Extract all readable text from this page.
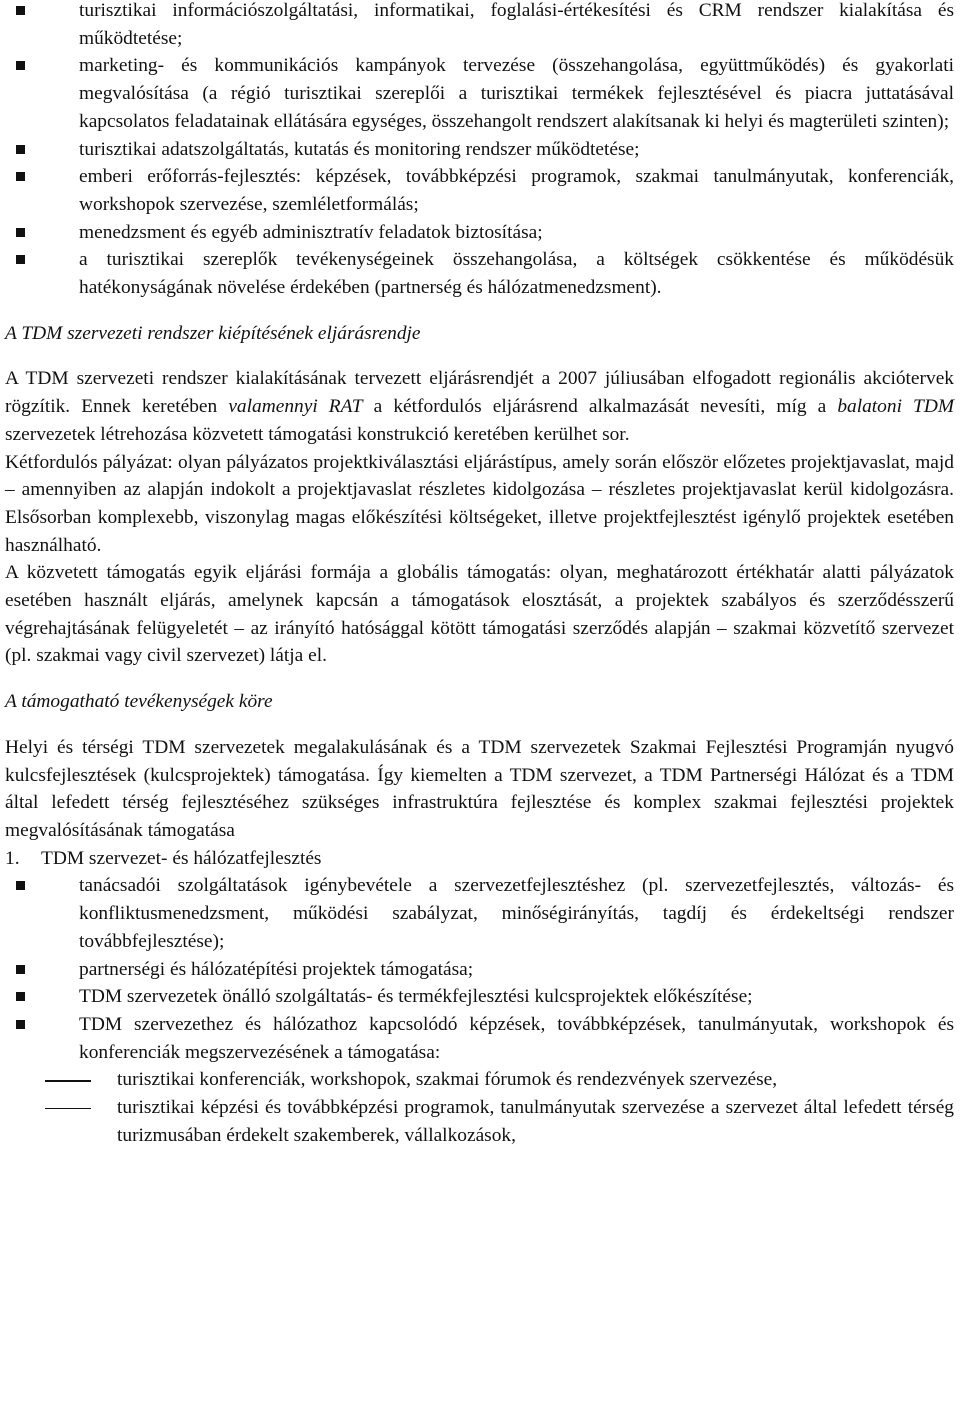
turisztikai információszolgáltatási, informatikai, foglalási-értékesítési és CRM rendszer kialakítása és működtetése;
marketing- és kommunikációs kampányok tervezése (összehangolása, együttműködés) és gyakorlati megvalósítása (a régió turisztikai szereplői a turisztikai termékek fejlesztésével és piacra juttatásával kapcsolatos feladatainak ellátására egységes, összehangolt rendszert alakítsanak ki helyi és magterületi szinten);
turisztikai adatszolgáltatás, kutatás és monitoring rendszer működtetése;
emberi erőforrás-fejlesztés: képzések, továbbképzési programok, szakmai tanulmányutak, konferenciák, workshopok szervezése, szemléletformálás;
menedzsment és egyéb adminisztratív feladatok biztosítása;
a turisztikai szereplők tevékenységeinek összehangolása, a költségek csökkentése és működésük hatékonyságának növelése érdekében (partnerség és hálózatmenedzsment).

A TDM szervezeti rendszer kiépítésének eljárásrendje

A TDM szervezeti rendszer kialakításának tervezett eljárásrendjét a 2007 júliusában elfogadott regionális akciótervek rögzítik. Ennek keretében valamennyi RAT a kétfordulós eljárásrend alkalmazását nevesíti, míg a balatoni TDM szervezetek létrehozása közvetett támogatási konstrukció keretében kerülhet sor.

Kétfordulós pályázat: olyan pályázatos projektkiválasztási eljárástípus, amely során először előzetes projektjavaslat, majd – amennyiben az alapján indokolt a projektjavaslat részletes kidolgozása – részletes projektjavaslat kerül kidolgozásra. Elsősorban komplexebb, viszonylag magas előkészítési költségeket, illetve projektfejlesztést igénylő projektek esetében használható.

A közvetett támogatás egyik eljárási formája a globális támogatás: olyan, meghatározott értékhatár alatti pályázatok esetében használt eljárás, amelynek kapcsán a támogatások elosztását, a projektek szabályos és szerződésszerű végrehajtásának felügyeletét – az irányító hatósággal kötött támogatási szerződés alapján – szakmai közvetítő szervezet (pl. szakmai vagy civil szervezet) látja el.

A támogatható tevékenységek köre

Helyi és térségi TDM szervezetek megalakulásának és a TDM szervezetek Szakmai Fejlesztési Programján nyugvó kulcsfejlesztések (kulcsprojektek) támogatása. Így kiemelten a TDM szervezet, a TDM Partnerségi Hálózat és a TDM által lefedett térség fejlesztéséhez szükséges infrastruktúra fejlesztése és komplex szakmai fejlesztési projektek megvalósításának támogatása

1. TDM szervezet- és hálózatfejlesztés

tanácsadói szolgáltatások igénybevétele a szervezetfejlesztéshez (pl. szervezetfejlesztés, változás- és konfliktusmenedzsment, működési szabályzat, minőségirányítás, tagdíj és érdekeltségi rendszer továbbfejlesztése);
partnerségi és hálózatépítési projektek támogatása;
TDM szervezetek önálló szolgáltatás- és termékfejlesztési kulcsprojektek előkészítése;
TDM szervezethez és hálózathoz kapcsolódó képzések, továbbképzések, tanulmányutak, workshopok és konferenciák megszervezésének a támogatása:
turisztikai konferenciák, workshopok, szakmai fórumok és rendezvények szervezése,
turisztikai képzési és továbbképzési programok, tanulmányutak szervezése a szervezet által lefedett térség turizmusában érdekelt szakemberek, vállalkozások,
